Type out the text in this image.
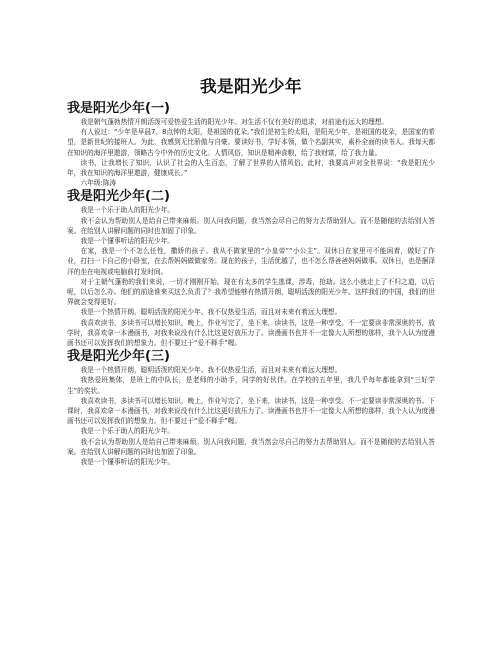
我是阳光少年
我是阳光少年(一)

我是朝气蓬勃热情开朗活泼可爱热爱生活的阳光少年。对生活不仅有美好的追求，对前途有远大的理想。

有人说过：“少年是早晨7、8点钟的太阳，是祖国的花朵。”我们是初生的太阳，是阳光少年，是祖国的花朵，是国家的希望，是新世纪的接班人。为此，我感到无比骄傲与自豪。要读好书，学好本领，做个名副其实，素朴全面的读书人。我每天都在知识的海洋里遨游，领略古今中外的历史文化。人情风俗，知识是精神食粮，给了我财富，给了我力量。

读书，让我增长了知识，认识了社会的人生百态，了解了世界的人情风俗。此时，我要高声对全世界说：“我是阳光少年，我在知识的海洋里遨游，健康成长。”

六年级:陈涛

我是阳光少年(二)

我是一个乐于助人的阳光少年。

我不会认为帮助别人是给自己带来麻烦。别人问我问题，我当然会尽自己的努力去帮助别人。而不是随便的去给别人答案。在给别人讲解问题的同时也加固了印象。

我是一个懂事听话的阳光少年。

在家，我是一个不怎么任性，撒娇的孩子。我从不做家里的“小皇帝”“小公主”。双休日在家里可不能闲着，做好了作业，打扫一下自己的小卧室，在去帮妈妈做做家务。现在的孩子，生活优越了，也不怎么帮爸爸妈妈做事。双休日，也是捆泽洋的坐在电视或电脑前打发时间。

对于主朝气蓬勃的我们来说，一切才刚刚开始。现在有太多的学生逃课，涉毒，抢劫。这么小就走上了不归之道，以后呢，以后怎么办。他们的前途谁来买这么负责了？我希望能够有热情开朗，聪明活泼的阳光少年。这样我们的中国，我们的世界就会变得更好。

我是一个热情开朗，聪明活泼的阳光少年。我不仅热爱生活，而且对未来有着远大理想。

我喜欢读书，多读书可以增长知识，晚上，作业写完了，坐下来，读读书，这是一种享受。不一定要读非常深奥的书，放学时，我喜欢拿一本漫画书，对我来说没有什么比这更好放压力了。读漫画书也并不一定像大人所想的那样，我个人认为度漫画书还可以发挥我们的想象力。但不要过于“爱不释手”喔。

我是阳光少年(三)

我是一个热情开朗，聪明活泼的阳光少年。我不仅热爱生活，而且对未来有着远大理想。

我热爱班集体，是班上的中队长，是老师的小助手，同学的好伙伴。在学校的五年里，我几乎每年都能拿到“三好学生”的奖状。

我喜欢读书，多读书可以增长知识，晚上，作业写完了，坐下来，读读书，这是一种享受。不一定要读非常深奥的书。下课时，我喜欢拿一本漫画书，对我来说没有什么比这更好放压力了。读漫画书也并不一定像大人所想的那样，我个人认为度漫画书还可以发挥我们的想象力。但不要过于“爱不释手”喔。

我是一个乐于助人的阳光少年。

我不会认为帮助别人是给自己带来麻烦。别人问我问题，我当然会尽自己的努力去帮助别人。而不是随便的去给别人答案。在给别人讲解问题的同时也加固了印象。

我是一个懂事听话的阳光少年。
